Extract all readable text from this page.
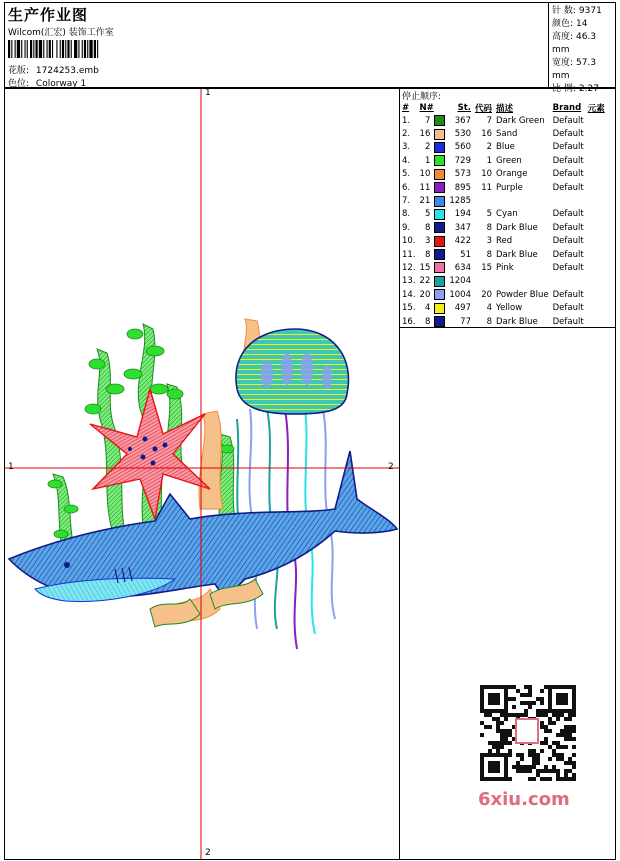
生产作业图
Wilcom(汇宏) 装饰工作室
花版: 1724253.emb
色位: Colorway 1
针 数: 9371
颜色: 14
高度: 46.3 mm
宽度: 57.3 mm
比 例: 2.27
1
2
1	2
停止顺序:
#	N#		St.	代码	描述	Brand	元素
1.	7		367	7	Dark Green	Default	
2.	16		530	16	Sand	Default	
3.	2		560	2	Blue	Default	
4.	1		729	1	Green	Default	
5.	10		573	10	Orange	Default	
6.	11		895	11	Purple	Default	
7.	21		1285				
8.	5		194	5	Cyan	Default	
9.	8		347	8	Dark Blue	Default	
10.	3		422	3	Red	Default	
11.	8		51	8	Dark Blue	Default	
12.	15		634	15	Pink	Default	
13.	22		1204				
14.	20		1004	20	Powder Blue	Default	
15.	4		497	4	Yellow	Default	
16.	8		77	8	Dark Blue	Default	
6xiu.com
